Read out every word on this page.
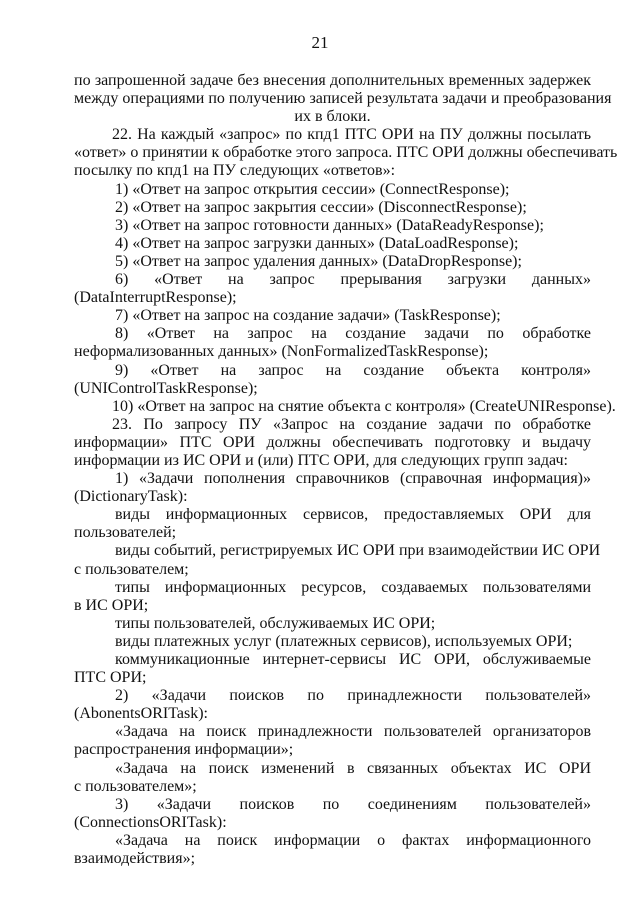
21
по запрошенной задаче без внесения дополнительных временных задержек
между операциями по получению записей результата задачи и преобразования
их в блоки.
22. На каждый «запрос» по кпд1 ПТС ОРИ на ПУ должны посылать
«ответ» о принятии к обработке этого запроса. ПТС ОРИ должны обеспечивать
посылку по кпд1 на ПУ следующих «ответов»:
1) «Ответ на запрос открытия сессии» (ConnectResponse);
2) «Ответ на запрос закрытия сессии» (DisconnectResponse);
3) «Ответ на запрос готовности данных» (DataReadyResponse);
4) «Ответ на запрос загрузки данных» (DataLoadResponse);
5) «Ответ на запрос удаления данных» (DataDropResponse);
6) «Ответ на запрос прерывания загрузки данных»
(DataInterruptResponse);
7) «Ответ на запрос на создание задачи» (TaskResponse);
8) «Ответ на запрос на создание задачи по обработке
неформализованных данных» (NonFormalizedTaskResponse);
9) «Ответ на запрос на создание объекта контроля»
(UNIControlTaskResponse);
10) «Ответ на запрос на снятие объекта с контроля» (CreateUNIResponse).
23. По запросу ПУ «Запрос на создание задачи по обработке
информации» ПТС ОРИ должны обеспечивать подготовку и выдачу
информации из ИС ОРИ и (или) ПТС ОРИ, для следующих групп задач:
1) «Задачи пополнения справочников (справочная информация)»
(DictionaryTask):
виды информационных сервисов, предоставляемых ОРИ для
пользователей;
виды событий, регистрируемых ИС ОРИ при взаимодействии ИС ОРИ
с пользователем;
типы информационных ресурсов, создаваемых пользователями
в ИС ОРИ;
типы пользователей, обслуживаемых ИС ОРИ;
виды платежных услуг (платежных сервисов), используемых ОРИ;
коммуникационные интернет-сервисы ИС ОРИ, обслуживаемые
ПТС ОРИ;
2) «Задачи поисков по принадлежности пользователей»
(AbonentsORITask):
«Задача на поиск принадлежности пользователей организаторов
распространения информации»;
«Задача на поиск изменений в связанных объектах ИС ОРИ
с пользователем»;
3) «Задачи поисков по соединениям пользователей»
(ConnectionsORITask):
«Задача на поиск информации о фактах информационного
взаимодействия»;
